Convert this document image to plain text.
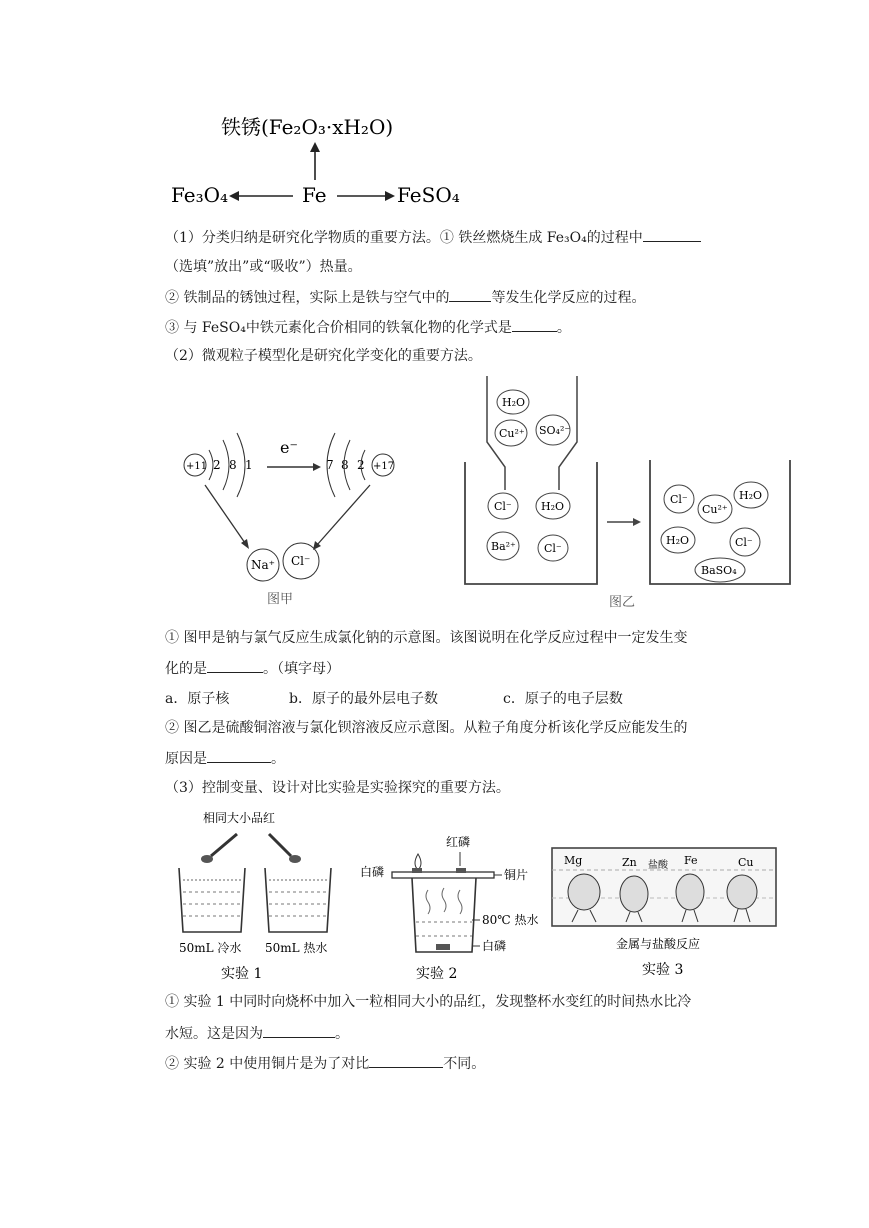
铁锈(Fe₂O₃·xH₂O)
Fe
Fe₃O₄	FeSO₄
（1）分类归纳是研究化学物质的重要方法。① 铁丝燃烧生成 Fe₃O₄的过程中
（选填”放出”或“吸收”）热量。
② 铁制品的锈蚀过程，实际上是铁与空气中的	等发生化学反应的过程。
③ 与 FeSO₄中铁元素化合价相同的铁氧化物的化学式是	。
（2）微观粒子模型化是研究化学变化的重要方法。
+11 2 8 1
e⁻
7 8 2 +17
Na⁺ Cl⁻
图甲
H₂O
Cu²⁺ SO₄²⁻
Cl⁻	H₂O
Ba²⁺	Cl⁻
Cl⁻
Cu²⁺
H₂O
H₂O	Cl⁻
BaSO₄
图乙
① 图甲是钠与氯气反应生成氯化钠的示意图。该图说明在化学反应过程中一定发生变
化的是	。（填字母）
a．原子核	b．原子的最外层电子数	c．原子的电子层数
② 图乙是硫酸铜溶液与氯化钡溶液反应示意图。从粒子角度分析该化学反应能发生的
原因是	。
（3）控制变量、设计对比实验是实验探究的重要方法。
相同大小品红
50mL 冷水 50mL 热水
实验 1
红磷
白磷	铜片
80℃ 热水
白磷
实验 2
Mg	Zn 盐酸 Fe	Cu
金属与盐酸反应
实验 3
① 实验 1 中同时向烧杯中加入一粒相同大小的品红，发现整杯水变红的时间热水比冷
水短。这是因为	。
② 实验 2 中使用铜片是为了对比	不同。
